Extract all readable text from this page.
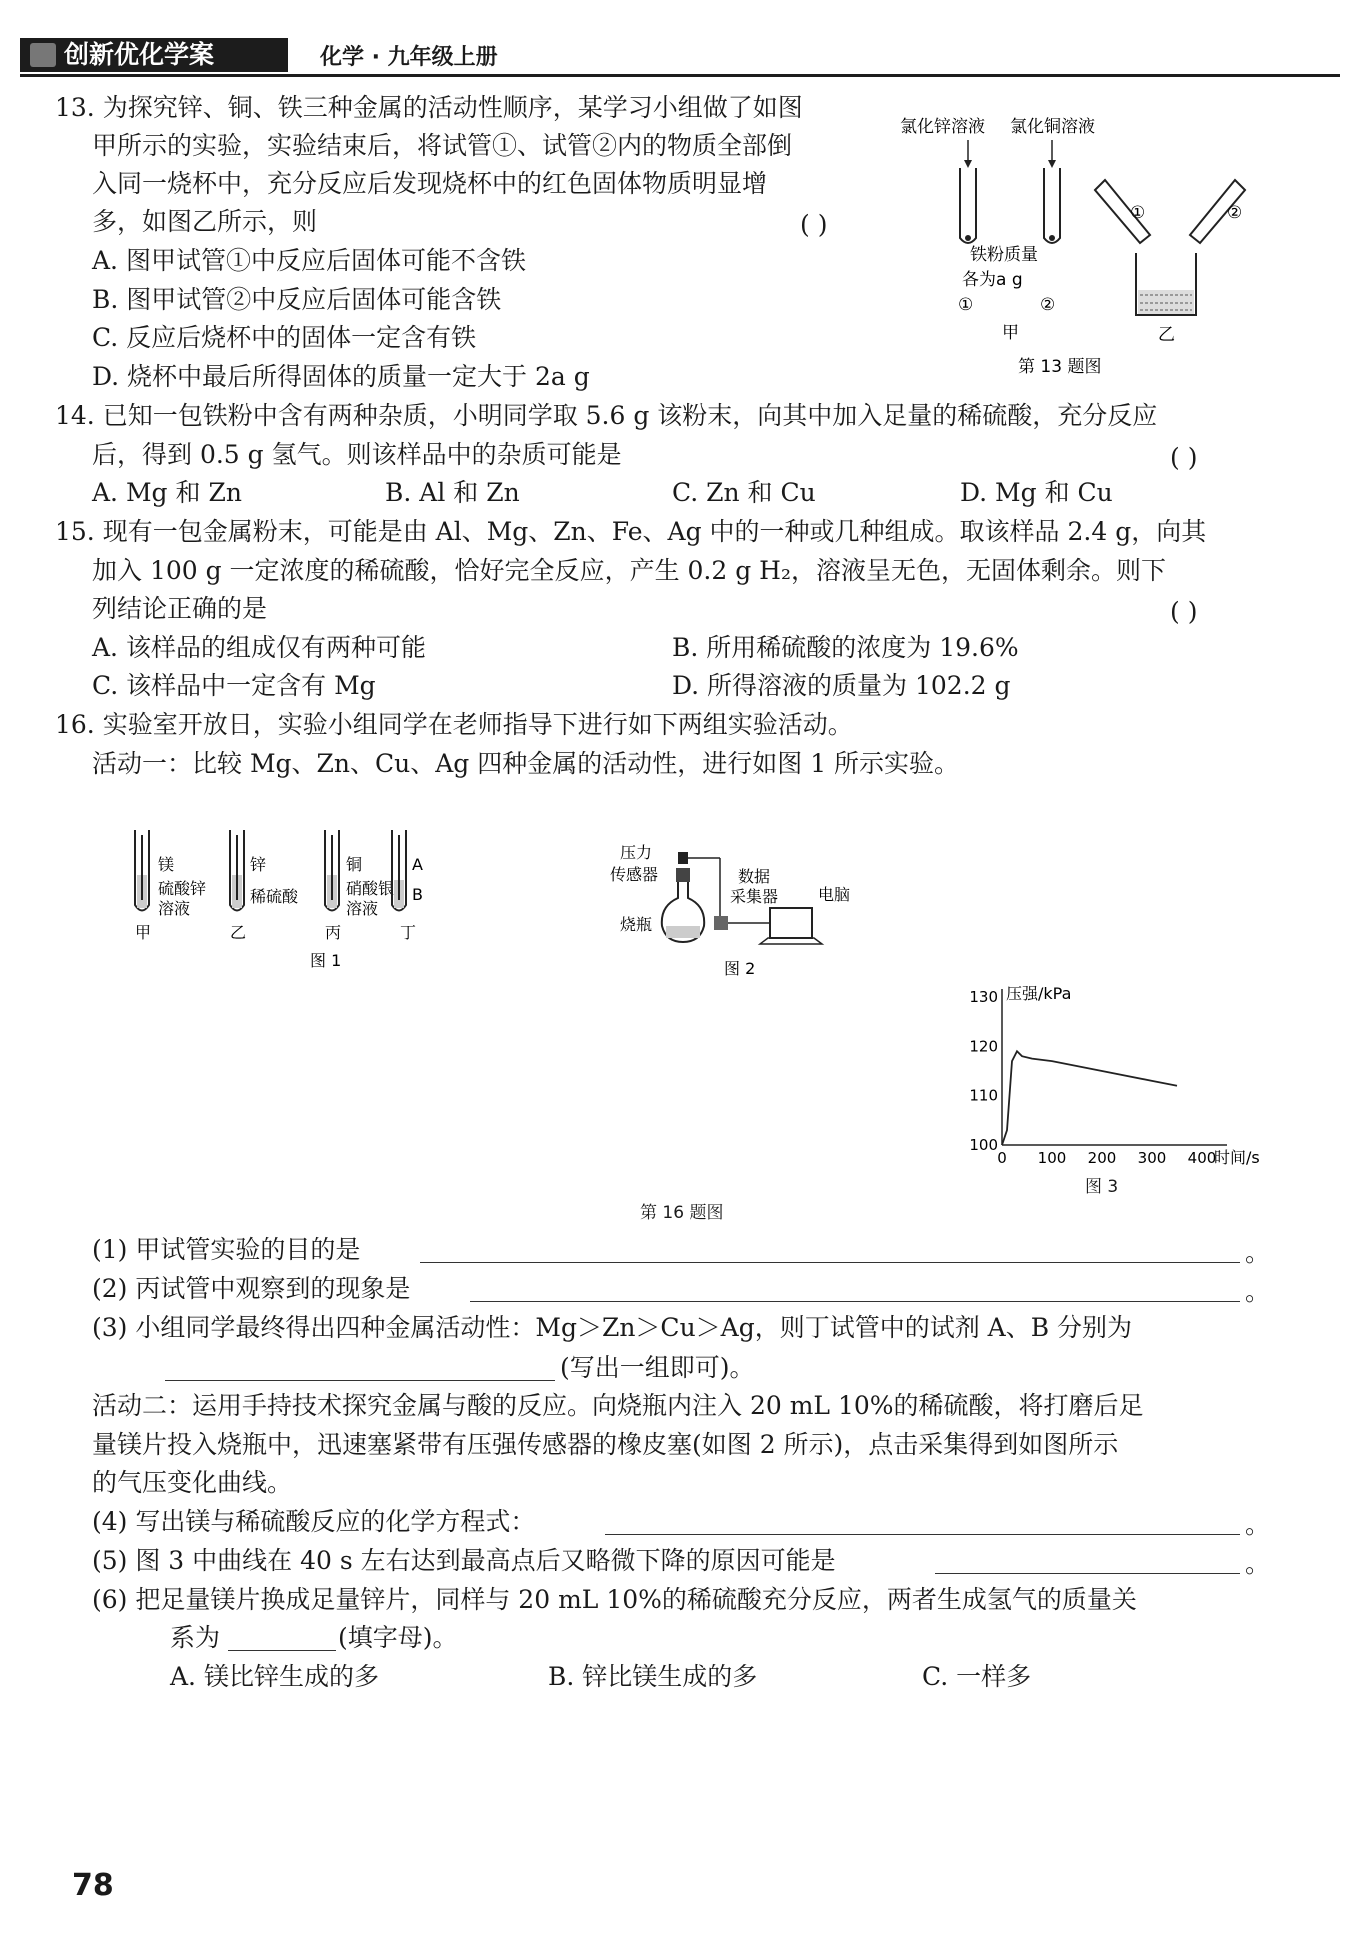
创新优化学案	化学 · 九年级上册
13. 为探究锌、铜、铁三种金属的活动性顺序，某学习小组做了如图
甲所示的实验，实验结束后，将试管①、试管②内的物质全部倒
入同一烧杯中，充分反应后发现烧杯中的红色固体物质明显增
多，如图乙所示，则	( )
A. 图甲试管①中反应后固体可能不含铁
B. 图甲试管②中反应后固体可能含铁
C. 反应后烧杯中的固体一定含有铁
D. 烧杯中最后所得固体的质量一定大于 2a g
氯化锌溶液 氯化铜溶液
铁粉质量
各为a g
①	②
甲
①	②
乙
第 13 题图
14. 已知一包铁粉中含有两种杂质，小明同学取 5.6 g 该粉末，向其中加入足量的稀硫酸，充分反应
后，得到 0.5 g 氢气。则该样品中的杂质可能是	( )
A. Mg 和 Zn	B. Al 和 Zn	C. Zn 和 Cu	D. Mg 和 Cu
15. 现有一包金属粉末，可能是由 Al、Mg、Zn、Fe、Ag 中的一种或几种组成。取该样品 2.4 g，向其
加入 100 g 一定浓度的稀硫酸，恰好完全反应，产生 0.2 g H₂，溶液呈无色，无固体剩余。则下
列结论正确的是	( )
A. 该样品的组成仅有两种可能	B. 所用稀硫酸的浓度为 19.6%
C. 该样品中一定含有 Mg	D. 所得溶液的质量为 102.2 g
16. 实验室开放日，实验小组同学在老师指导下进行如下两组实验活动。
活动一：比较 Mg、Zn、Cu、Ag 四种金属的活动性，进行如图 1 所示实验。
镁
硫酸锌
溶液
甲
锌
稀硫酸
乙
铜
硝酸银
溶液
丙
A
B
丁
图 1
压力
传感器
烧瓶
数据
采集器 电脑
图 2
压强/kPa
时间/s
100
110
120
130
0 100 200 300 400
图 3
第 16 题图
(1) 甲试管实验的目的是	。
(2) 丙试管中观察到的现象是	。
(3) 小组同学最终得出四种金属活动性：Mg＞Zn＞Cu＞Ag，则丁试管中的试剂 A、B 分别为
(写出一组即可)。
活动二：运用手持技术探究金属与酸的反应。向烧瓶内注入 20 mL 10%的稀硫酸，将打磨后足
量镁片投入烧瓶中，迅速塞紧带有压强传感器的橡皮塞(如图 2 所示)，点击采集得到如图所示
的气压变化曲线。
(4) 写出镁与稀硫酸反应的化学方程式：	。
(5) 图 3 中曲线在 40 s 左右达到最高点后又略微下降的原因可能是	。
(6) 把足量镁片换成足量锌片，同样与 20 mL 10%的稀硫酸充分反应，两者生成氢气的质量关
系为	(填字母)。
A. 镁比锌生成的多	B. 锌比镁生成的多	C. 一样多
78
